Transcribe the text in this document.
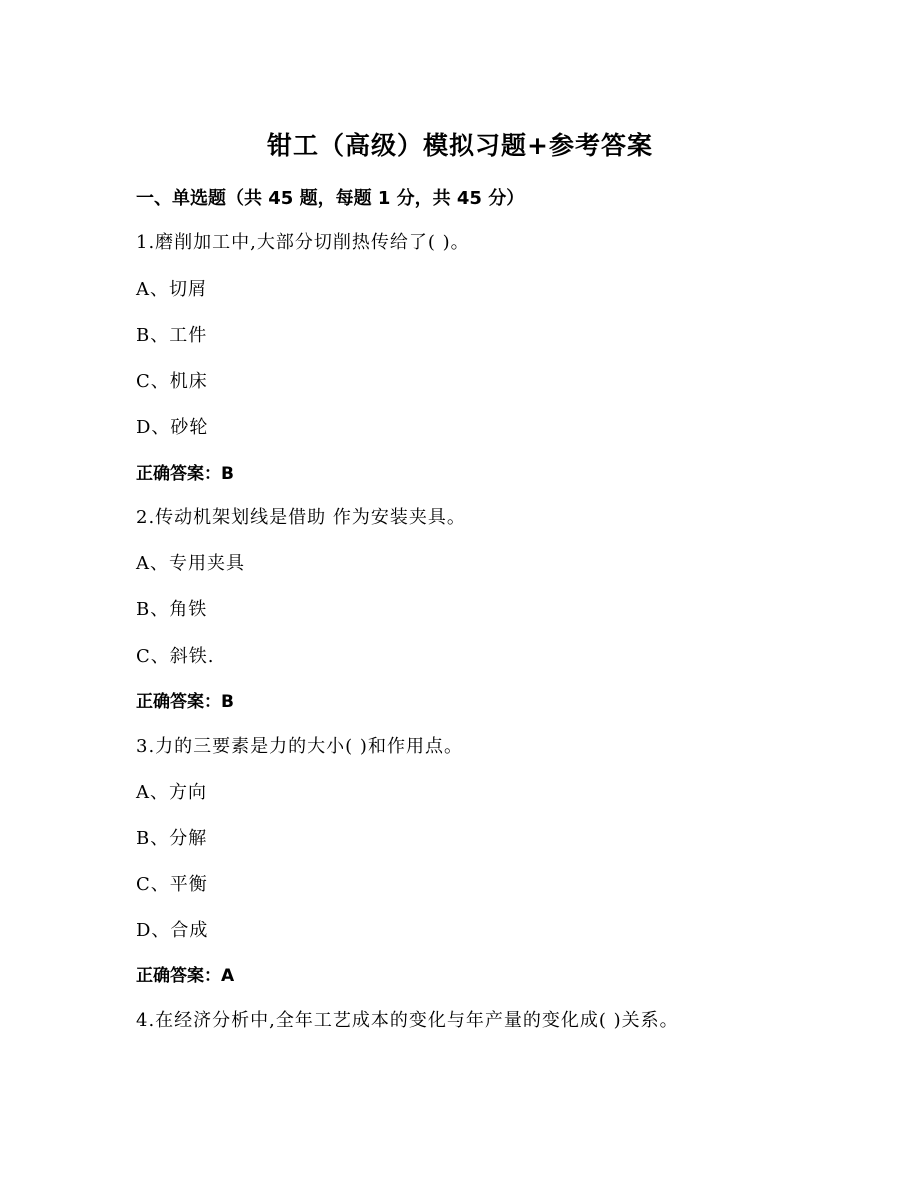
钳工（高级）模拟习题+参考答案
一、单选题（共 45 题，每题 1 分，共 45 分）
1.磨削加工中,大部分切削热传给了( )。
A、切屑
B、工件
C、机床
D、砂轮
正确答案：B
2.传动机架划线是借助 作为安装夹具。
A、专用夹具
B、角铁
C、斜铁.
正确答案：B
3.力的三要素是力的大小( )和作用点。
A、方向
B、分解
C、平衡
D、合成
正确答案：A
4.在经济分析中,全年工艺成本的变化与年产量的变化成( )关系。
